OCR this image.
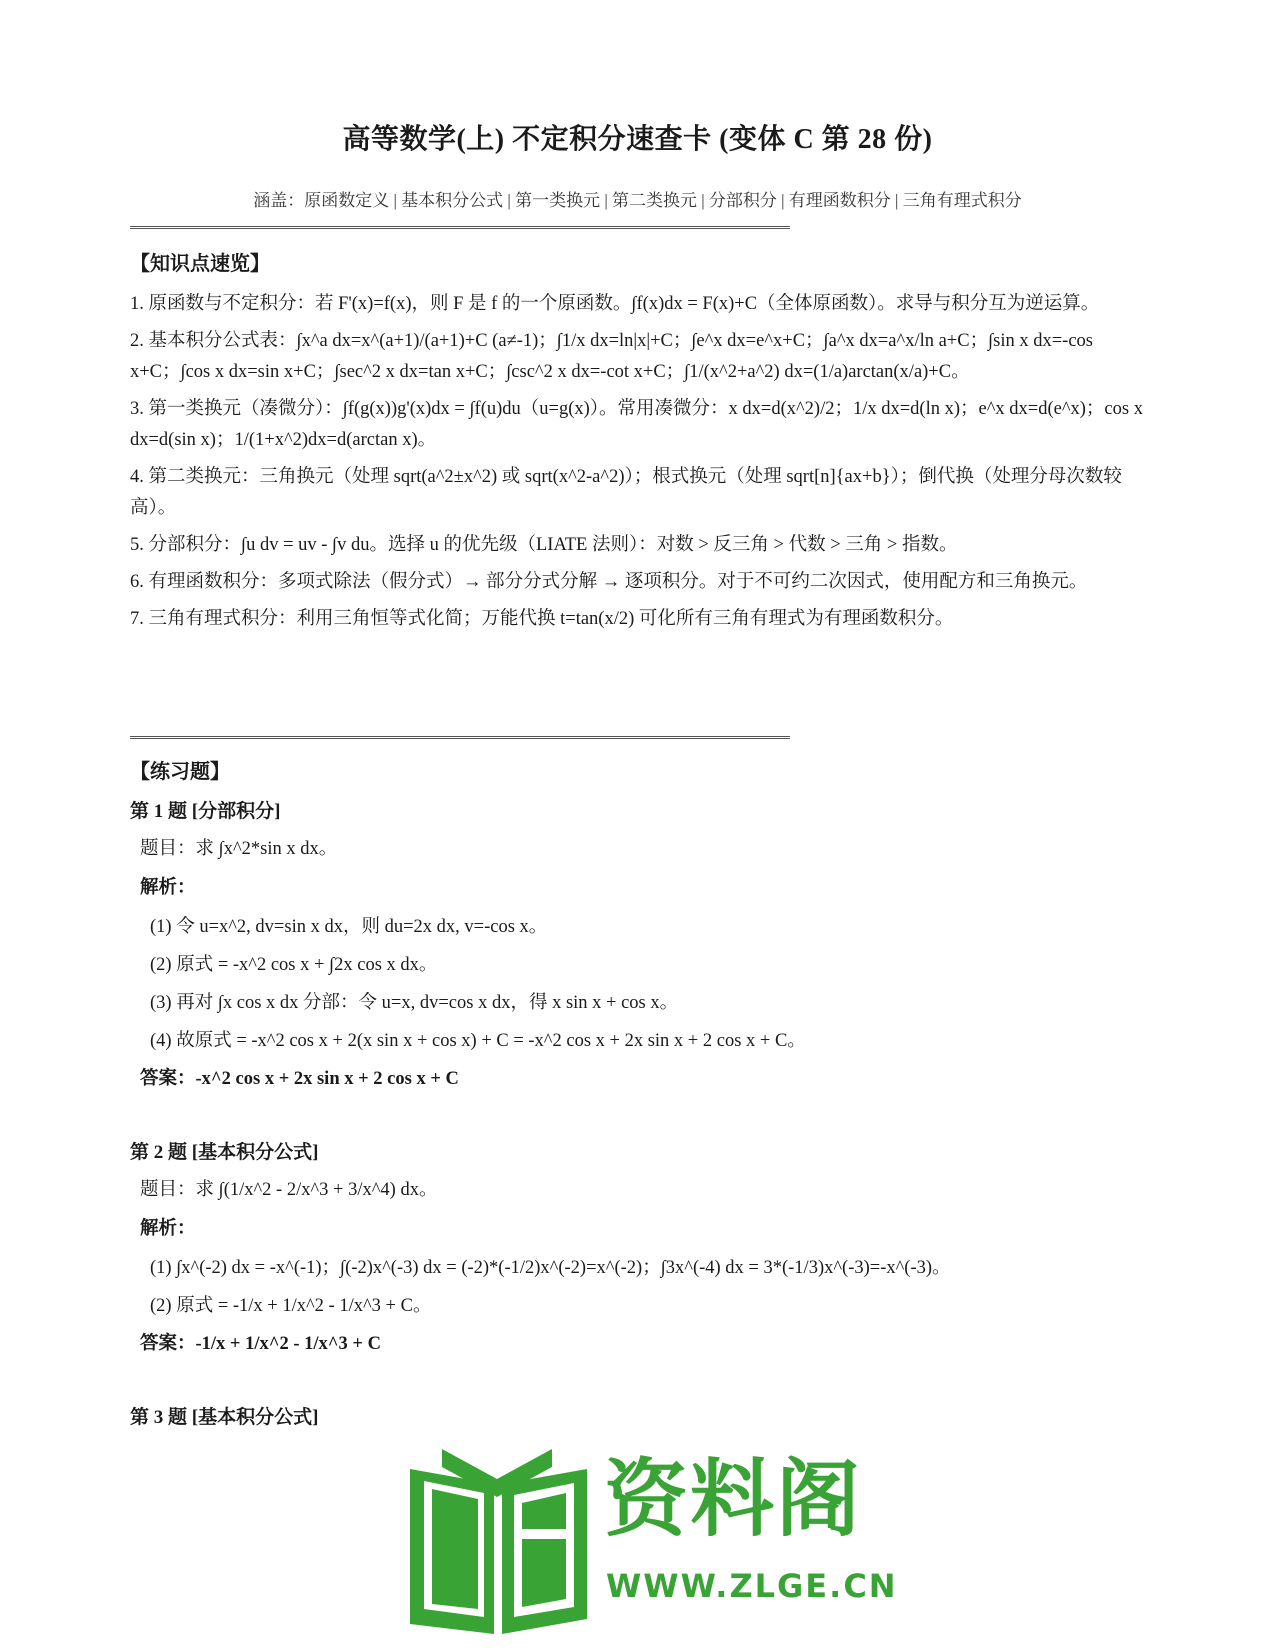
高等数学(上) 不定积分速查卡 (变体 C 第 28 份)
涵盖：原函数定义 | 基本积分公式 | 第一类换元 | 第二类换元 | 分部积分 | 有理函数积分 | 三角有理式积分

【知识点速览】

1. 原函数与不定积分：若 F'(x)=f(x)，则 F 是 f 的一个原函数。∫f(x)dx = F(x)+C（全体原函数）。求导与积分互为逆运算。

2. 基本积分公式表：∫x^a dx=x^(a+1)/(a+1)+C (a≠-1)；∫1/x dx=ln|x|+C；∫e^x dx=e^x+C；∫a^x dx=a^x/ln a+C；∫sin x dx=-cos x+C；∫cos x dx=sin x+C；∫sec^2 x dx=tan x+C；∫csc^2 x dx=-cot x+C；∫1/(x^2+a^2) dx=(1/a)arctan(x/a)+C。

3. 第一类换元（凑微分）：∫f(g(x))g'(x)dx = ∫f(u)du（u=g(x)）。常用凑微分：x dx=d(x^2)/2；1/x dx=d(ln x)；e^x dx=d(e^x)；cos x dx=d(sin x)；1/(1+x^2)dx=d(arctan x)。

4. 第二类换元：三角换元（处理 sqrt(a^2±x^2) 或 sqrt(x^2-a^2)）；根式换元（处理 sqrt[n]{ax+b}）；倒代换（处理分母次数较高）。

5. 分部积分：∫u dv = uv - ∫v du。选择 u 的优先级（LIATE 法则）：对数 > 反三角 > 代数 > 三角 > 指数。

6. 有理函数积分：多项式除法（假分式）→ 部分分式分解 → 逐项积分。对于不可约二次因式，使用配方和三角换元。

7. 三角有理式积分：利用三角恒等式化简；万能代换 t=tan(x/2) 可化所有三角有理式为有理函数积分。

【练习题】

第 1 题 [分部积分]

题目：求 ∫x^2*sin x dx。

解析：

(1) 令 u=x^2, dv=sin x dx，则 du=2x dx, v=-cos x。

(2) 原式 = -x^2 cos x + ∫2x cos x dx。

(3) 再对 ∫x cos x dx 分部：令 u=x, dv=cos x dx，得 x sin x + cos x。

(4) 故原式 = -x^2 cos x + 2(x sin x + cos x) + C = -x^2 cos x + 2x sin x + 2 cos x + C。

答案：-x^2 cos x + 2x sin x + 2 cos x + C

第 2 题 [基本积分公式]

题目：求 ∫(1/x^2 - 2/x^3 + 3/x^4) dx。

解析：

(1) ∫x^(-2) dx = -x^(-1)；∫(-2)x^(-3) dx = (-2)*(-1/2)x^(-2)=x^(-2)；∫3x^(-4) dx = 3*(-1/3)x^(-3)=-x^(-3)。

(2) 原式 = -1/x + 1/x^2 - 1/x^3 + C。

答案：-1/x + 1/x^2 - 1/x^3 + C

第 3 题 [基本积分公式]

资料阁
WWW.ZLGE.CN
